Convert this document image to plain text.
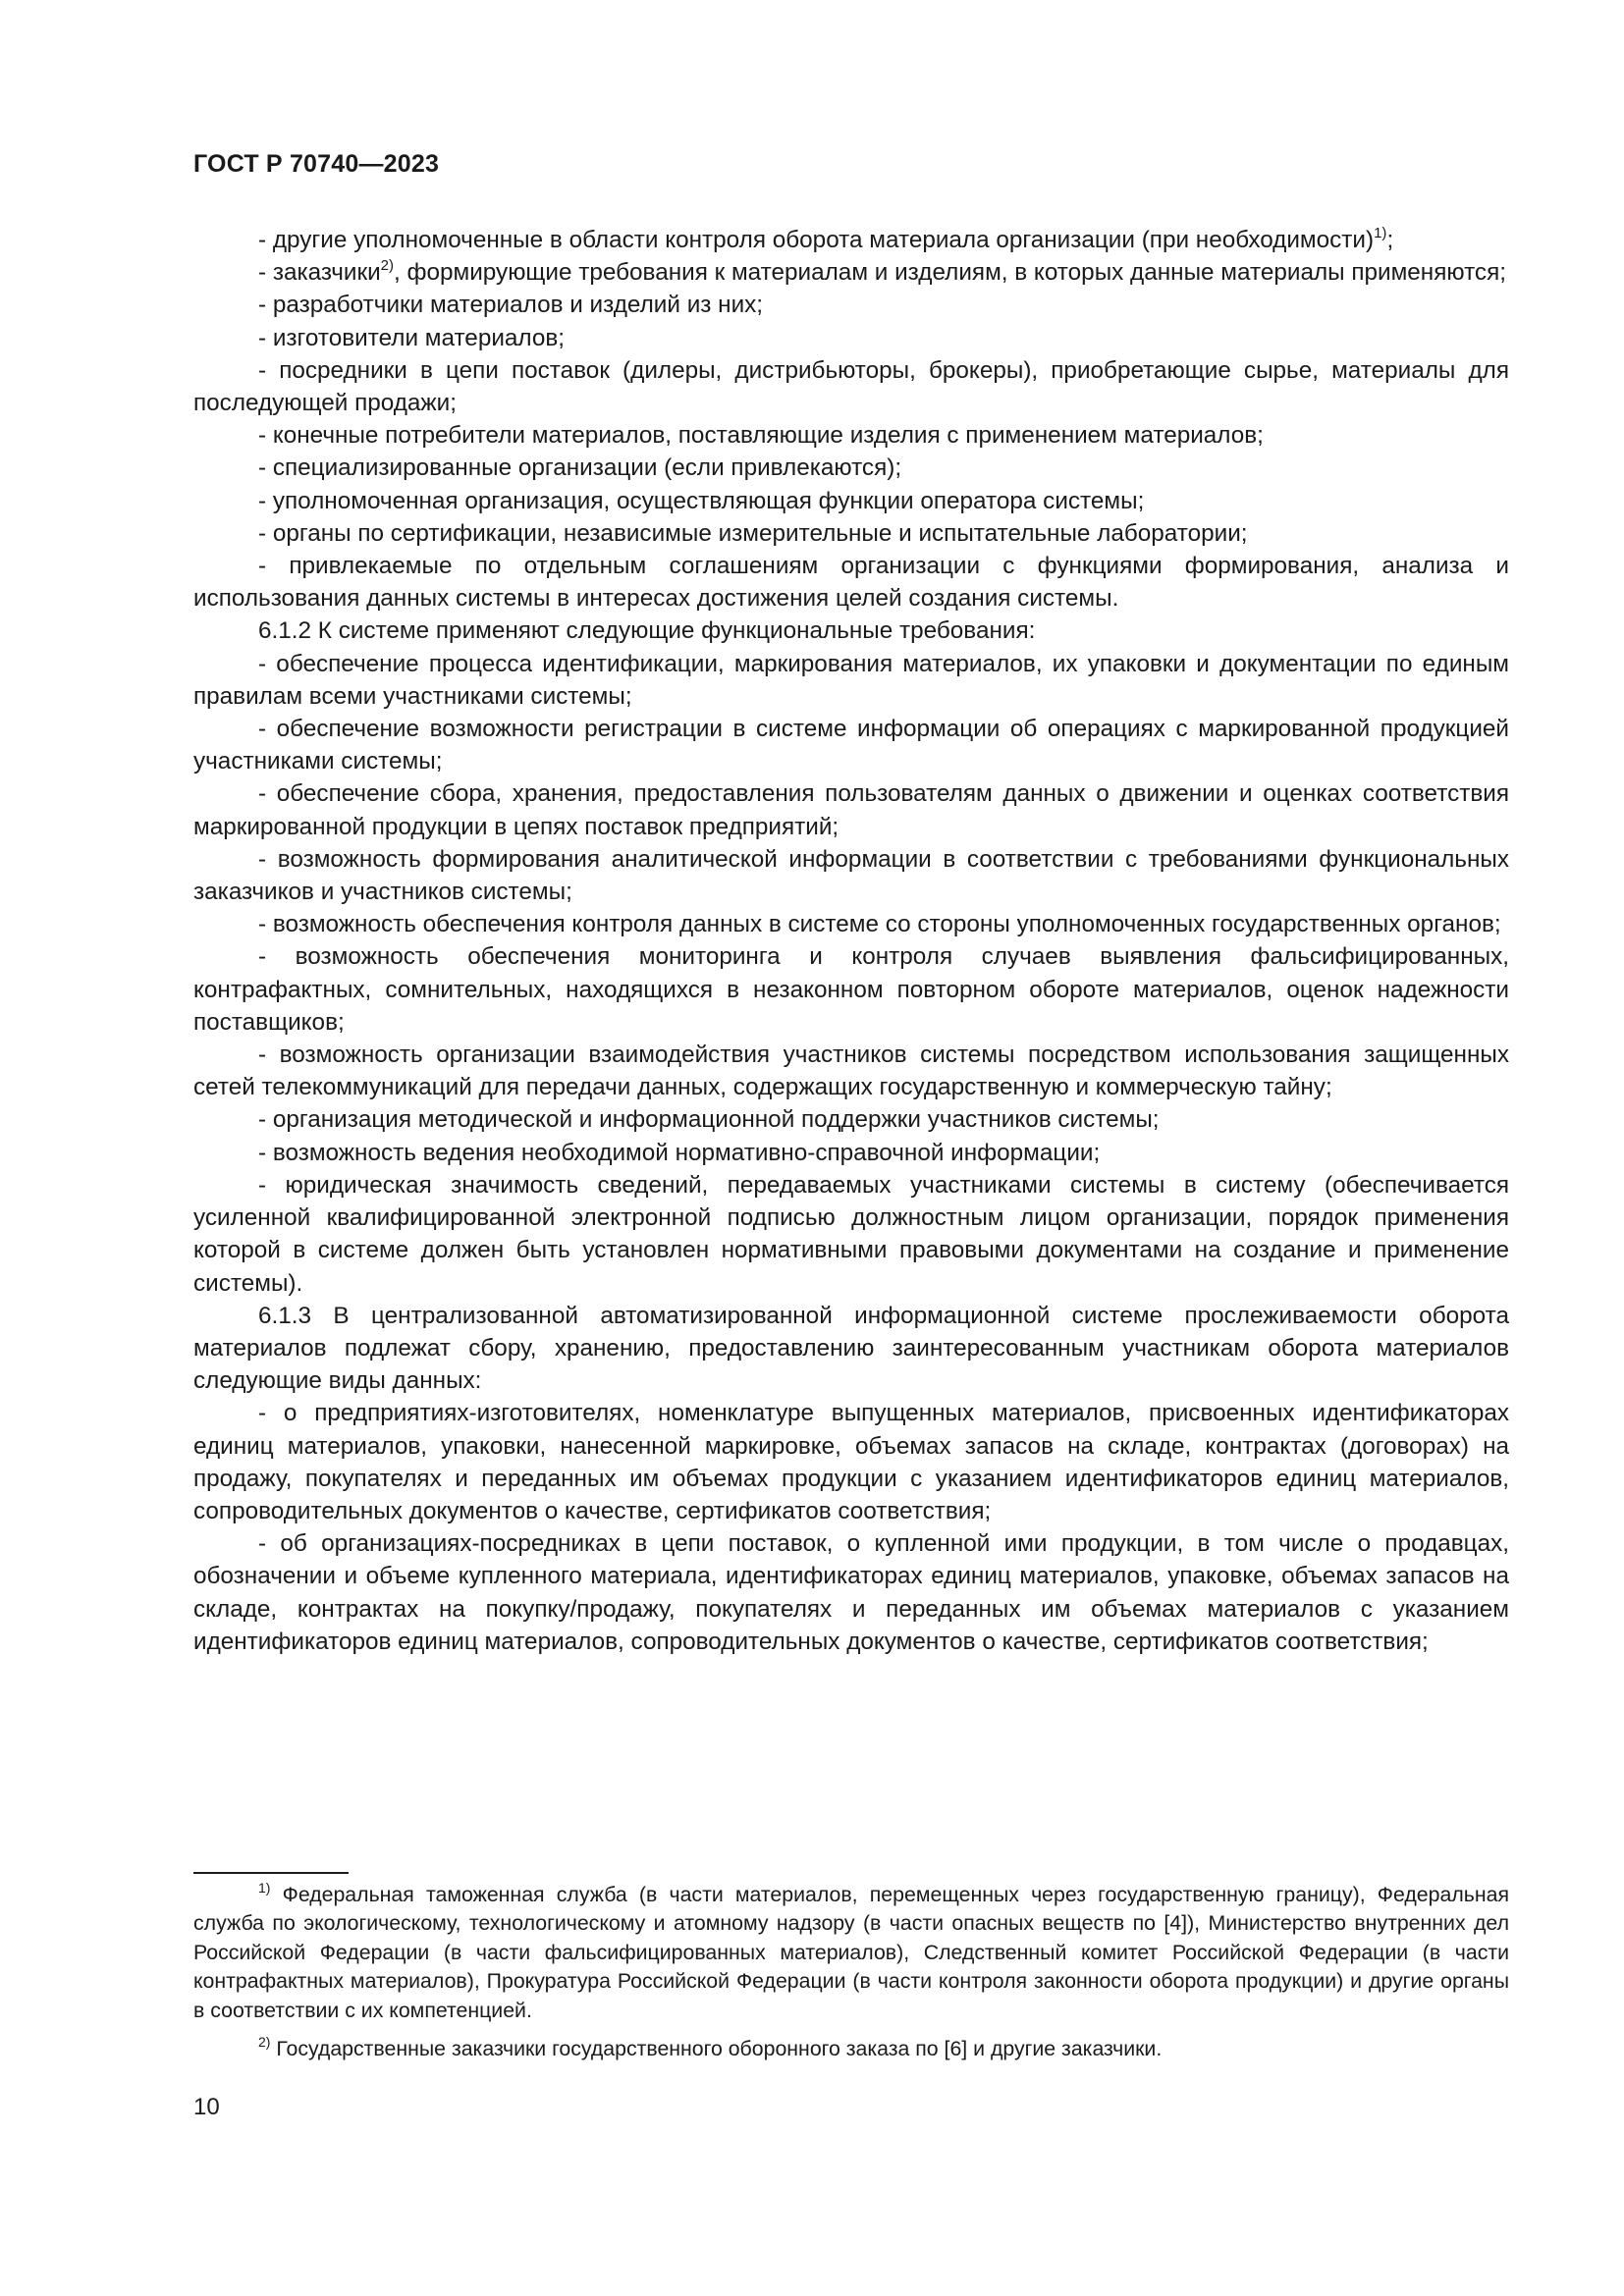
ГОСТ Р 70740—2023

- другие уполномоченные в области контроля оборота материала организации (при необходимости)$^{1)}$;

- заказчики$^{2)}$, формирующие требования к материалам и изделиям, в которых данные материалы применяются;

- разработчики материалов и изделий из них;

- изготовители материалов;

- посредники в цепи поставок (дилеры, дистрибьюторы, брокеры), приобретающие сырье, материалы для последующей продажи;

- конечные потребители материалов, поставляющие изделия с применением материалов;

- специализированные организации (если привлекаются);

- уполномоченная организация, осуществляющая функции оператора системы;

- органы по сертификации, независимые измерительные и испытательные лаборатории;

- привлекаемые по отдельным соглашениям организации с функциями формирования, анализа и использования данных системы в интересах достижения целей создания системы.

6.1.2 К системе применяют следующие функциональные требования:

- обеспечение процесса идентификации, маркирования материалов, их упаковки и документации по единым правилам всеми участниками системы;

- обеспечение возможности регистрации в системе информации об операциях с маркированной продукцией участниками системы;

- обеспечение сбора, хранения, предоставления пользователям данных о движении и оценках соответствия маркированной продукции в цепях поставок предприятий;

- возможность формирования аналитической информации в соответствии с требованиями функциональных заказчиков и участников системы;

- возможность обеспечения контроля данных в системе со стороны уполномоченных государственных органов;

- возможность обеспечения мониторинга и контроля случаев выявления фальсифицированных, контрафактных, сомнительных, находящихся в незаконном повторном обороте материалов, оценок надежности поставщиков;

- возможность организации взаимодействия участников системы посредством использования защищенных сетей телекоммуникаций для передачи данных, содержащих государственную и коммерческую тайну;

- организация методической и информационной поддержки участников системы;

- возможность ведения необходимой нормативно-справочной информации;

- юридическая значимость сведений, передаваемых участниками системы в систему (обеспечивается усиленной квалифицированной электронной подписью должностным лицом организации, порядок применения которой в системе должен быть установлен нормативными правовыми документами на создание и применение системы).

6.1.3 В централизованной автоматизированной информационной системе прослеживаемости оборота материалов подлежат сбору, хранению, предоставлению заинтересованным участникам оборота материалов следующие виды данных:

- о предприятиях-изготовителях, номенклатуре выпущенных материалов, присвоенных идентификаторах единиц материалов, упаковки, нанесенной маркировке, объемах запасов на складе, контрактах (договорах) на продажу, покупателях и переданных им объемах продукции с указанием идентификаторов единиц материалов, сопроводительных документов о качестве, сертификатов соответствия;

- об организациях-посредниках в цепи поставок, о купленной ими продукции, в том числе о продавцах, обозначении и объеме купленного материала, идентификаторах единиц материалов, упаковке, объемах запасов на складе, контрактах на покупку/продажу, покупателях и переданных им объемах материалов с указанием идентификаторов единиц материалов, сопроводительных документов о качестве, сертификатов соответствия;

$^{1)}$ Федеральная таможенная служба (в части материалов, перемещенных через государственную границу), Федеральная служба по экологическому, технологическому и атомному надзору (в части опасных веществ по [4]), Министерство внутренних дел Российской Федерации (в части фальсифицированных материалов), Следственный комитет Российской Федерации (в части контрафактных материалов), Прокуратура Российской Федерации (в части контроля законности оборота продукции) и другие органы в соответствии с их компетенцией.

$^{2)}$ Государственные заказчики государственного оборонного заказа по [6] и другие заказчики.

10
